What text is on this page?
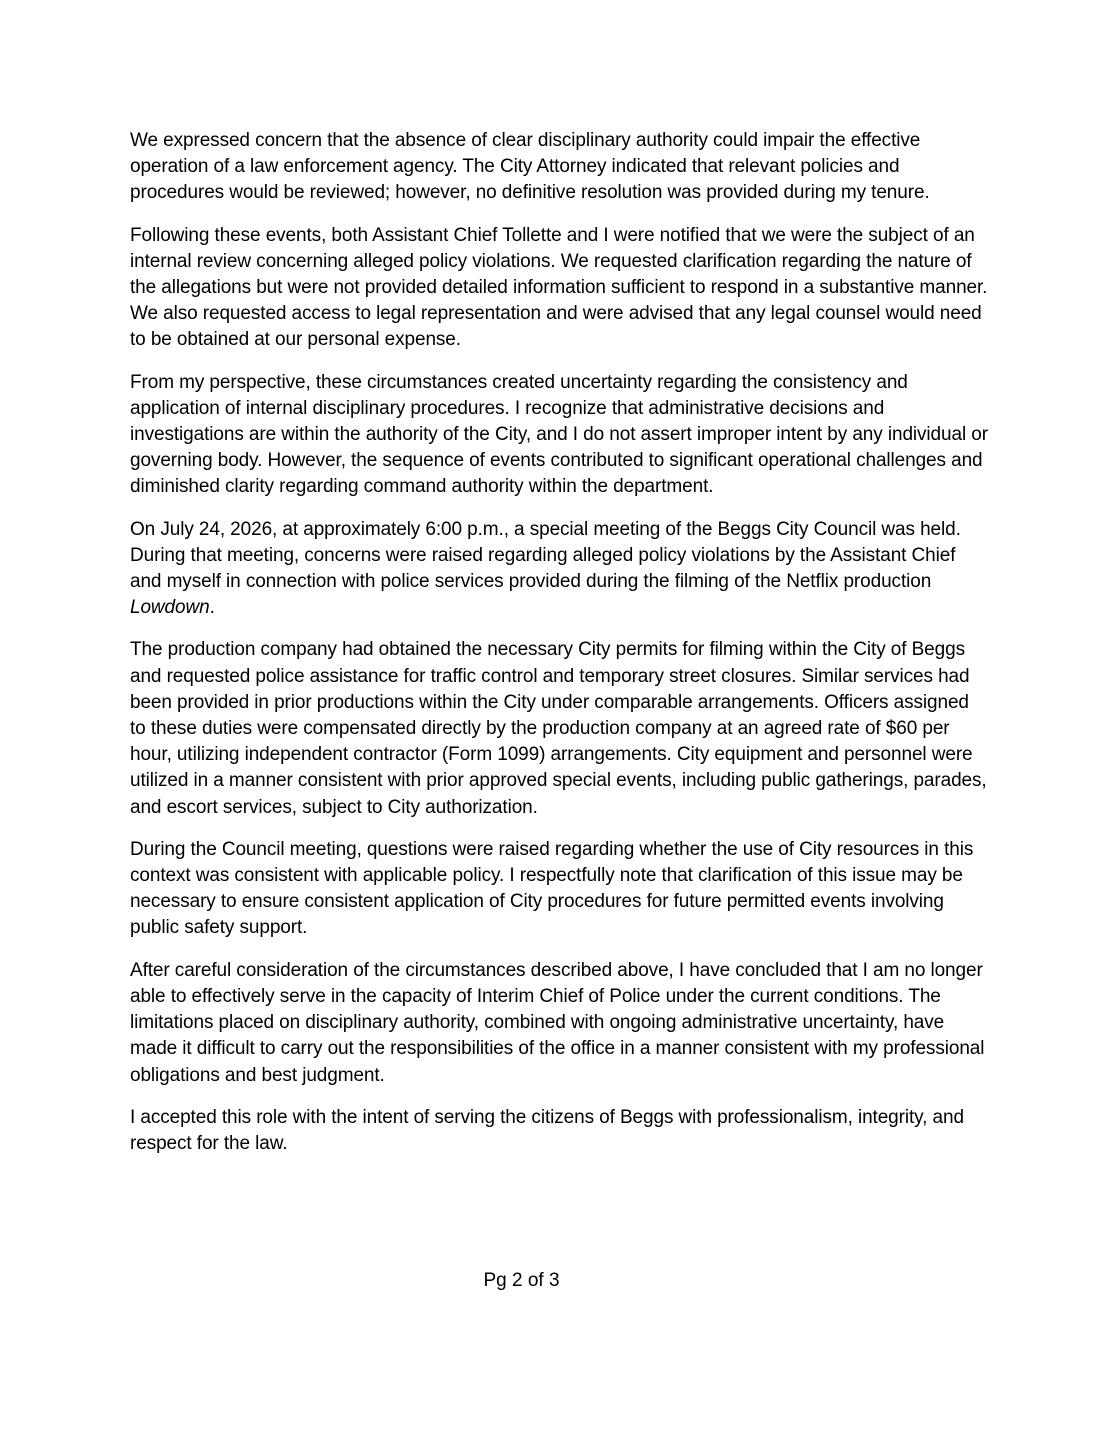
We expressed concern that the absence of clear disciplinary authority could impair the effective operation of a law enforcement agency. The City Attorney indicated that relevant policies and procedures would be reviewed; however, no definitive resolution was provided during my tenure.

Following these events, both Assistant Chief Tollette and I were notified that we were the subject of an internal review concerning alleged policy violations. We requested clarification regarding the nature of the allegations but were not provided detailed information sufficient to respond in a substantive manner. We also requested access to legal representation and were advised that any legal counsel would need to be obtained at our personal expense.

From my perspective, these circumstances created uncertainty regarding the consistency and application of internal disciplinary procedures. I recognize that administrative decisions and investigations are within the authority of the City, and I do not assert improper intent by any individual or governing body. However, the sequence of events contributed to significant operational challenges and diminished clarity regarding command authority within the department.

On July 24, 2026, at approximately 6:00 p.m., a special meeting of the Beggs City Council was held. During that meeting, concerns were raised regarding alleged policy violations by the Assistant Chief and myself in connection with police services provided during the filming of the Netflix production Lowdown.

The production company had obtained the necessary City permits for filming within the City of Beggs and requested police assistance for traffic control and temporary street closures. Similar services had been provided in prior productions within the City under comparable arrangements. Officers assigned to these duties were compensated directly by the production company at an agreed rate of $60 per hour, utilizing independent contractor (Form 1099) arrangements. City equipment and personnel were utilized in a manner consistent with prior approved special events, including public gatherings, parades, and escort services, subject to City authorization.

During the Council meeting, questions were raised regarding whether the use of City resources in this context was consistent with applicable policy. I respectfully note that clarification of this issue may be necessary to ensure consistent application of City procedures for future permitted events involving public safety support.

After careful consideration of the circumstances described above, I have concluded that I am no longer able to effectively serve in the capacity of Interim Chief of Police under the current conditions. The limitations placed on disciplinary authority, combined with ongoing administrative uncertainty, have made it difficult to carry out the responsibilities of the office in a manner consistent with my professional obligations and best judgment.

I accepted this role with the intent of serving the citizens of Beggs with professionalism, integrity, and respect for the law.

Pg 2 of 3
